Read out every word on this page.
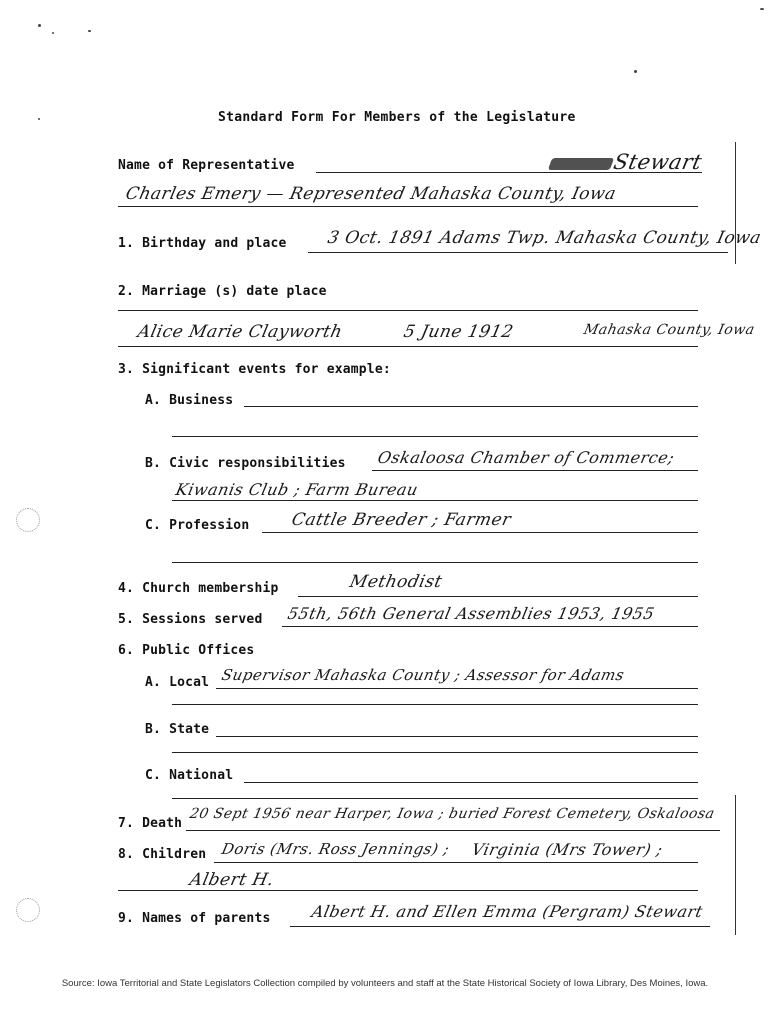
Standard Form For Members of the Legislature
Name of Representative	Stewart
Charles Emery — Represented Mahaska County, Iowa
1. Birthday and place 3 Oct. 1891 Adams Twp. Mahaska County, Iowa
2. Marriage (s) date place
Alice Marie Clayworth	5 June 1912	Mahaska County, Iowa
3. Significant events for example:
A. Business
B. Civic responsibilities Oskaloosa Chamber of Commerce;
Kiwanis Club ; Farm Bureau
C. Profession Cattle Breeder ; Farmer
4. Church membership	Methodist
5. Sessions served 55th, 56th General Assemblies 1953, 1955
6. Public Offices
A. Local Supervisor Mahaska County ; Assessor for Adams
B. State
C. National
7. Death
20 Sept 1956 near Harper, Iowa ; buried Forest Cemetery, Oskaloosa
8. Children Doris (Mrs. Ross Jennings) ; Virginia (Mrs Tower) ;
Albert H.
9. Names of parents Albert H. and Ellen Emma (Pergram) Stewart
Source: Iowa Territorial and State Legislators Collection compiled by volunteers and staff at the State Historical Society of Iowa Library, Des Moines, Iowa.
